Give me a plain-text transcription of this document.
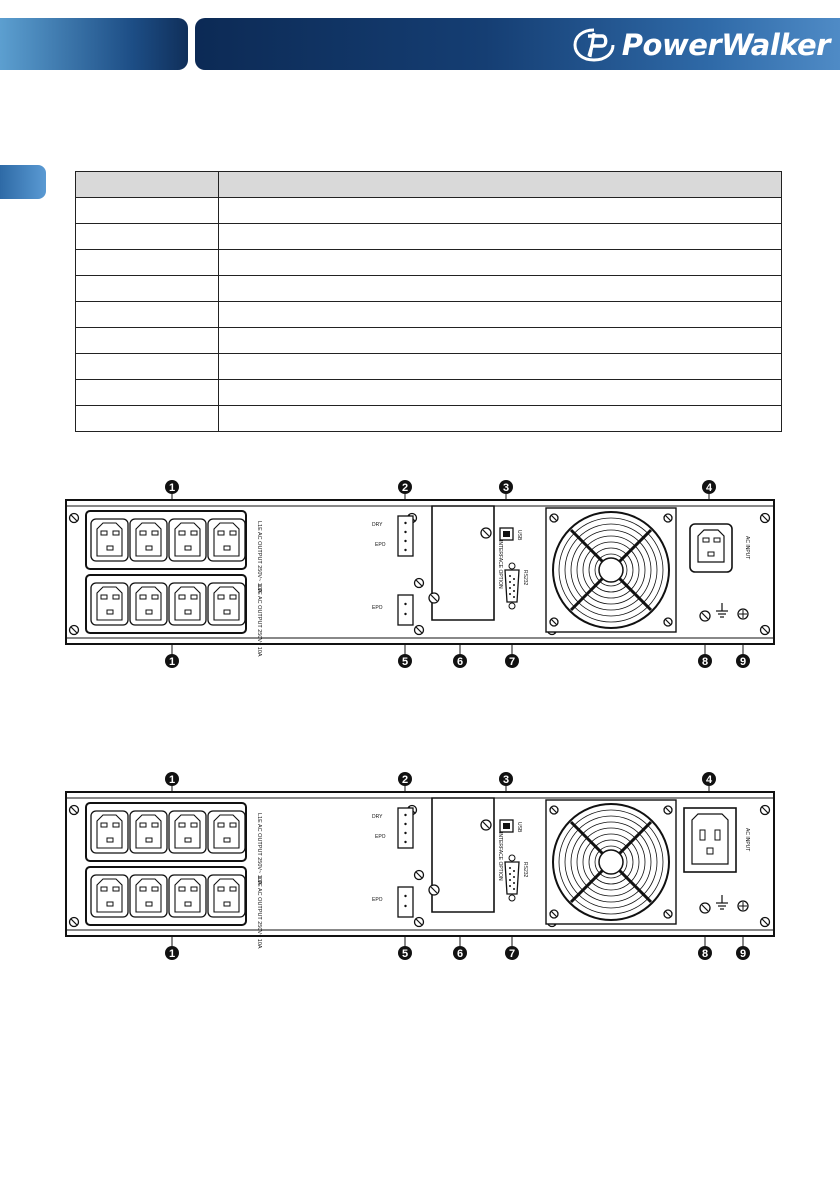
PowerWalker

1	2	3	4
1	5	6	7	8	9
L1E AC OUTPUT 250V~ 10A
L1E AC OUTPUT 250V~ 10A
DRY
EPO
EPO
INTERFACE OPTION
USB
RS232
AC INPUT
1	2	3	4
1	5	6	7	8	9
L1E AC OUTPUT 250V~ 10A
L1E AC OUTPUT 250V~ 10A
DRY
EPO
EPO
INTERFACE OPTION
USB
RS232
AC INPUT
